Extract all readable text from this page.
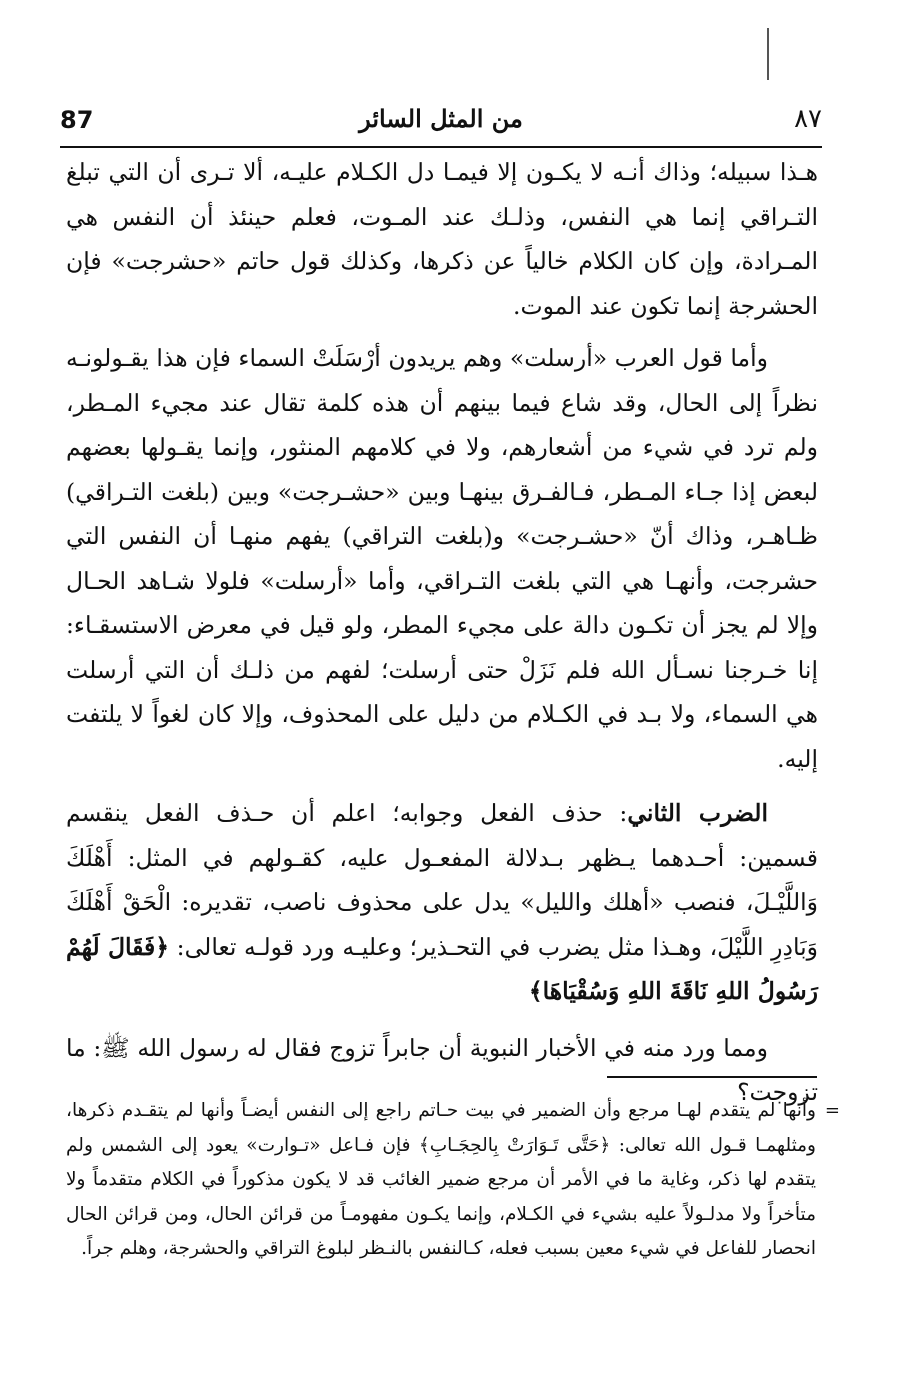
87	من المثل السائر	٨٧

هـذا سبيله؛ وذاك أنـه لا يكـون إلا فيمـا دل الكـلام عليـه، ألا تـرى أن التي تبلغ التـراقي إنما هي النفس، وذلـك عند المـوت، فعلم حينئذ أن النفس هي المـرادة، وإن كان الكلام خالياً عن ذكرها، وكذلك قول حاتم «حشرجت» فإن الحشرجة إنما تكون عند الموت.

وأما قول العرب «أرسلت» وهم يريدون أرْسَلَتْ السماء فإن هذا يقـولونـه نظراً إلى الحال، وقد شاع فيما بينهم أن هذه كلمة تقال عند مجيء المـطر، ولم ترد في شيء من أشعارهم، ولا في كلامهم المنثور، وإنما يقـولها بعضهم لبعض إذا جـاء المـطر، فـالفـرق بينهـا وبين «حشـرجت» وبين (بلغت التـراقي) ظـاهـر، وذاك أنّ «حشـرجت» و(بلغت التراقي) يفهم منهـا أن النفس التي حشرجت، وأنهـا هي التي بلغت التـراقي، وأما «أرسلت» فلولا شـاهد الحـال وإلا لم يجز أن تكـون دالة على مجيء المطر، ولو قيل في معرض الاستسقـاء: إنا خـرجنا نسـأل الله فلم نَزَلْ حتى أرسلت؛ لفهم من ذلـك أن التي أرسلت هي السماء، ولا بـد في الكـلام من دليل على المحذوف، وإلا كان لغواً لا يلتفت إليه.

الضرب الثاني: حذف الفعل وجوابه؛ اعلم أن حـذف الفعل ينقسم قسمين: أحـدهما يـظهر بـدلالة المفعـول عليه، كقـولهم في المثل: أَهْلَكَ وَاللَّيْـلَ، فنصب «أهلك والليل» يدل على محذوف ناصب، تقديره: الْحَقْ أَهْلَكَ وَبَادِرِ اللَّيْلَ، وهـذا مثل يضرب في التحـذير؛ وعليـه ورد قولـه تعالى: ﴿فَقَالَ لَهُمْ رَسُولُ اللهِ نَاقَةَ اللهِ وَسُقْيَاهَا﴾

ومما ورد منه في الأخبار النبوية أن جابراً تزوج فقال له رسول الله ﷺ: ما تزوجت؟

=
وأنها لم يتقدم لهـا مرجع وأن الضمير في بيت حـاتم راجع إلى النفس أيضـاً وأنها لم يتقـدم ذكرها، ومثلهمـا قـول الله تعالى: ﴿حَتَّى تَـوَارَتْ بِالحِجَـابِ﴾ فإن فـاعل «تـوارت» يعود إلى الشمس ولم يتقدم لها ذكر، وغاية ما في الأمر أن مرجع ضمير الغائب قد لا يكون مذكوراً في الكلام متقدماً ولا متأخراً ولا مدلـولاً عليه بشيء في الكـلام، وإنما يكـون مفهومـاً من قرائن الحال، ومن قرائن الحال انحصار للفاعل في شيء معين بسبب فعله، كـالنفس بالنـظر لبلوغ التراقي والحشرجة، وهلم جراً.
